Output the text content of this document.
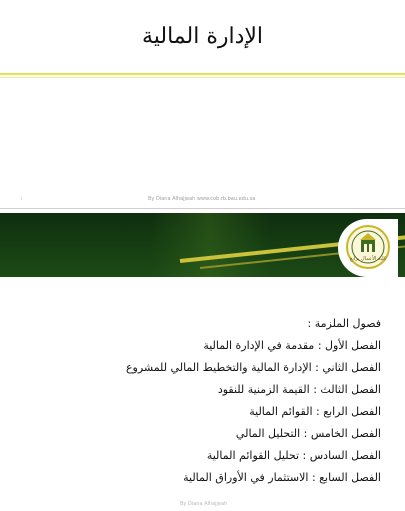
الإدارة المالية
١	By Diana Alhajjeah www.cob.rb.bau.edu.sa
كلية الأعمال برابغ
فصول الملزمة :
الفصل الأول : مقدمة في الإدارة المالية
الفصل الثاني : الإدارة المالية والتخطيط المالي للمشروع
الفصل الثالث : القيمة الزمنية للنقود
الفصل الرابع : القوائم المالية
الفصل الخامس : التحليل المالي
الفصل السادس : تحليل القوائم المالية
الفصل السابع : الاستثمار في الأوراق المالية
By Diana Alhajjeah
